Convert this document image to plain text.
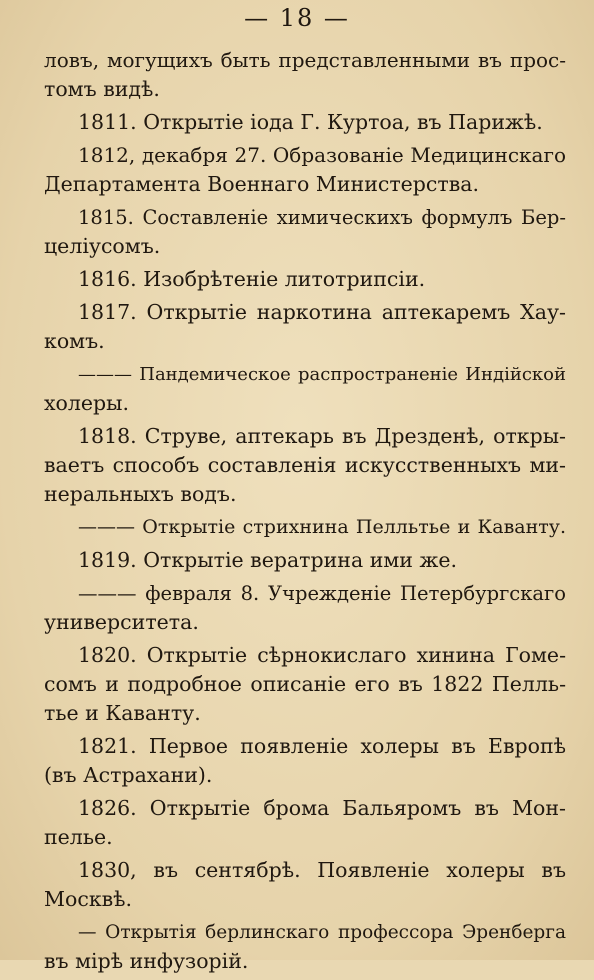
— 18 —
ловъ, могущихъ быть представленными въ прос-
томъ видѣ.
1811. Открытіе іода Г. Куртоа, въ Парижѣ.
1812, декабря 27. Образованіе Медицинскаго
Департамента Военнаго Министерства.
1815. Составленіе химическихъ формулъ Бер-
целіусомъ.
1816. Изобрѣтеніе литотрипсіи.
1817. Открытіе наркотина аптекаремъ Хау-
комъ.
——— Пандемическое распространеніе Индійской
холеры.
1818. Струве, аптекарь въ Дрезденѣ, откры-
ваетъ способъ составленія искусственныхъ ми-
неральныхъ водъ.
——— Открытіе стрихнина Пелльтье и Каванту.
1819. Открытіе вератрина ими же.
——— февраля 8. Учрежденіе Петербургскаго
университета.
1820. Открытіе сѣрнокислаго хинина Гоме-
сомъ и подробное описаніе его въ 1822 Пелль-
тье и Каванту.
1821. Первое появленіе холеры въ Европѣ
(въ Астрахани).
1826. Открытіе брома Бальяромъ въ Мон-
пелье.
1830, въ сентябрѣ. Появленіе холеры въ
Москвѣ.
— Открытія берлинскаго профессора Эренберга
въ мірѣ инфузорій.
